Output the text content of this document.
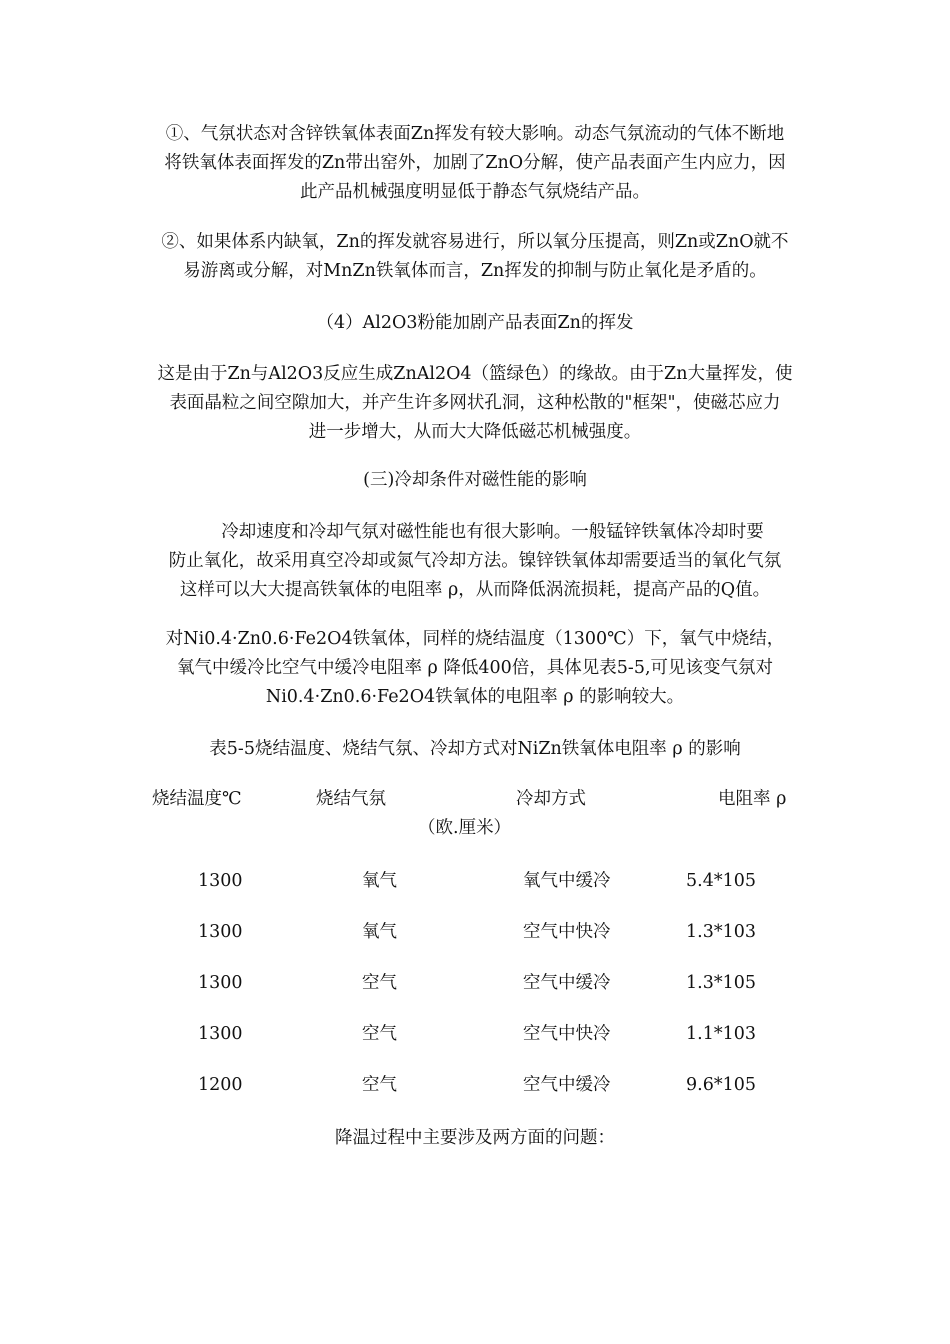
①、气氛状态对含锌铁氧体表面Zn挥发有较大影响。动态气氛流动的气体不断地
将铁氧体表面挥发的Zn带出窑外，加剧了ZnO分解，使产品表面产生内应力，因
此产品机械强度明显低于静态气氛烧结产品。

②、如果体系内缺氧，Zn的挥发就容易进行，所以氧分压提高，则Zn或ZnO就不
易游离或分解，对MnZn铁氧体而言，Zn挥发的抑制与防止氧化是矛盾的。

（4）Al2O3粉能加剧产品表面Zn的挥发

这是由于Zn与Al2O3反应生成ZnAl2O4（篮绿色）的缘故。由于Zn大量挥发，使
表面晶粒之间空隙加大，并产生许多网状孔洞，这种松散的"框架"，使磁芯应力
进一步增大，从而大大降低磁芯机械强度。

(三)冷却条件对磁性能的影响

　　冷却速度和冷却气氛对磁性能也有很大影响。一般锰锌铁氧体冷却时要
防止氧化，故采用真空冷却或氮气冷却方法。镍锌铁氧体却需要适当的氧化气氛
这样可以大大提高铁氧体的电阻率 ρ，从而降低涡流损耗，提高产品的Q值。

对Ni0.4·Zn0.6·Fe2O4铁氧体，同样的烧结温度（1300℃）下，氧气中烧结，
氧气中缓冷比空气中缓冷电阻率 ρ 降低400倍，具体见表5-5,可见该变气氛对
Ni0.4·Zn0.6·Fe2O4铁氧体的电阻率 ρ 的影响较大。

表5-5烧结温度、烧结气氛、冷却方式对NiZn铁氧体电阻率 ρ 的影响

烧结温度℃	烧结气氛	冷却方式	电阻率 ρ
（欧.厘米）
1300	氧气	氧气中缓冷	5.4*105
1300	氧气	空气中快冷	1.3*103
1300	空气	空气中缓冷	1.3*105
1300	空气	空气中快冷	1.1*103
1200	空气	空气中缓冷	9.6*105

降温过程中主要涉及两方面的问题：
